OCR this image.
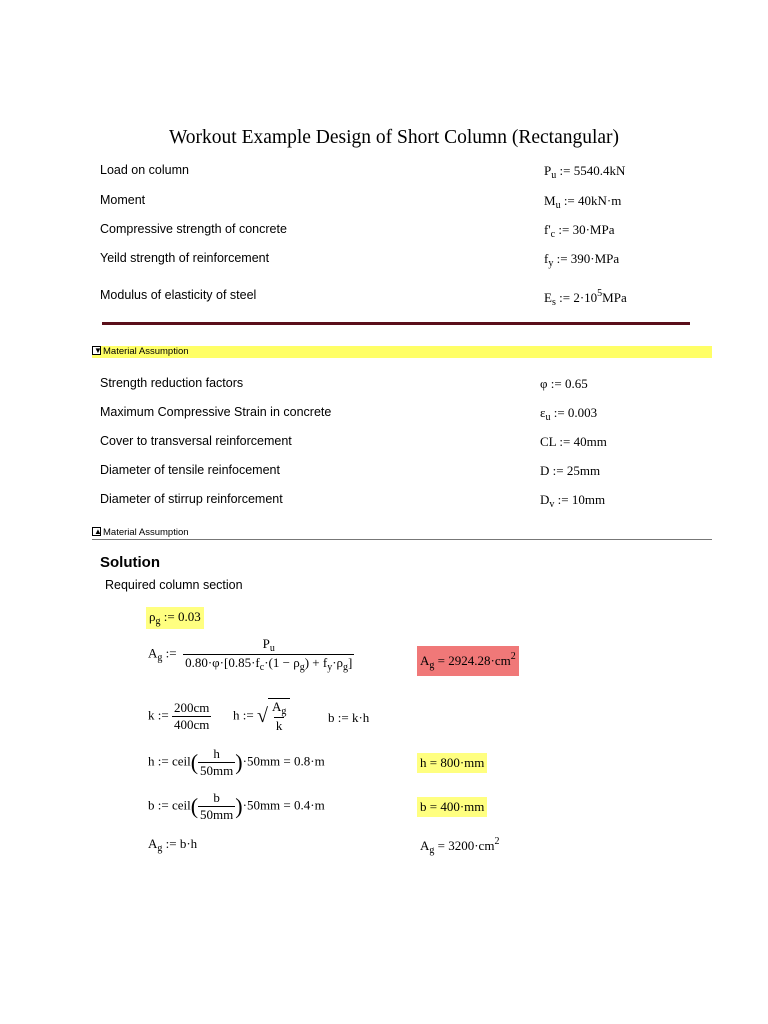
Workout Example Design of Short Column (Rectangular)
Load on column	$P_u$ := 5540.4kN
Moment	$M_u$ := 40kN·m
Compressive strength of concrete	$f'_c$ := 30·MPa
Yeild strength of reinforcement	$f_y$ := 390·MPa
Modulus of elasticity of steel	$E_s$ := $2\cdot 10^5MPa$
▼ Material Assumption
Strength reduction factors	φ := 0.65
Maximum Compressive Strain in concrete	$\varepsilon_u$ := 0.003
Cover to transversal reinforcement	CL := 40mm
Diameter of tensile reinfocement	D := 25mm
Diameter of stirrup reinforcement	$D_v$ := 10mm
▲ Material Assumption
Solution
Required column section
$\rho_g$ := 0.03
$A_g$ := $\frac{P_u}{0.80\cdot\varphi\cdot[0.85\cdot f_c\cdot(1 - \rho_g) + f_y\cdot\rho_g]}$	$A_g = 2924.28\cdot cm^2$
k := $\frac{200cm}{400cm}$ h := √ $\frac{A_g}{k}$	b := k·h
h := ceil( $\frac{h}{50mm} )\cdot 50mm = 0.8\cdot m$	h = 800·mm
b := ceil( $\frac{b}{50mm} )\cdot 50mm = 0.4\cdot m$	b = 400·mm
$A_g$ := b·h	$A_g = 3200\cdot cm^2$
